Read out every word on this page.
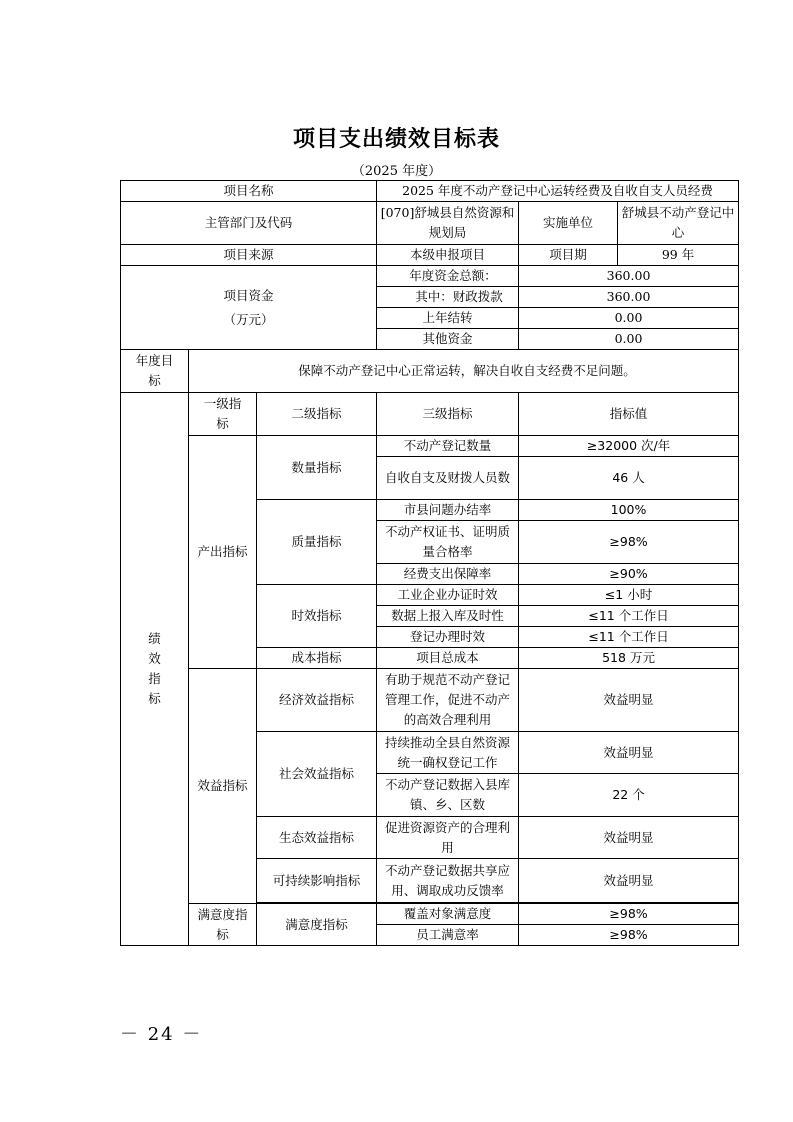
项目支出绩效目标表
（2025 年度）
项目名称			2025 年度不动产登记中心运转经费及自收自支人员经费		
主管部门及代码			[070]舒城县自然资源和规划局	实施单位	舒城县不动产登记中心
项目来源			本级申报项目	项目期	99 年

项目资金
（万元）			年度资金总额：	360.00	
			其中：财政拨款	360.00	
			上年结转	0.00	
			其他资金	0.00	
年度目标	保障不动产登记中心正常运转，解决自收自支经费不足问题。				
绩效指标	一级指标	二级指标	三级指标	指标值	
	产出指标	数量指标	不动产登记数量	≥32000 次/年	
			自收自支及财拨人员数	46 人	
		质量指标	市县问题办结率	100%	
			不动产权证书、证明质量合格率	≥98%	
			经费支出保障率	≥90%	
		时效指标	工业企业办证时效	≤1 小时	
			数据上报入库及时性	≤11 个工作日	
			登记办理时效	≤11 个工作日	
		成本指标	项目总成本	518 万元	
	效益指标	经济效益指标	有助于规范不动产登记管理工作，促进不动产的高效合理利用	效益明显	
		社会效益指标	持续推动全县自然资源统一确权登记工作	效益明显	
			不动产登记数据入县库镇、乡、区数	22 个	
		生态效益指标	促进资源资产的合理利用	效益明显	
		可持续影响指标	不动产登记数据共享应用、调取成功反馈率	效益明显	

	满意度指标	满意度指标	覆盖对象满意度	≥98%	
			员工满意率	≥98%	
－ 24 －
